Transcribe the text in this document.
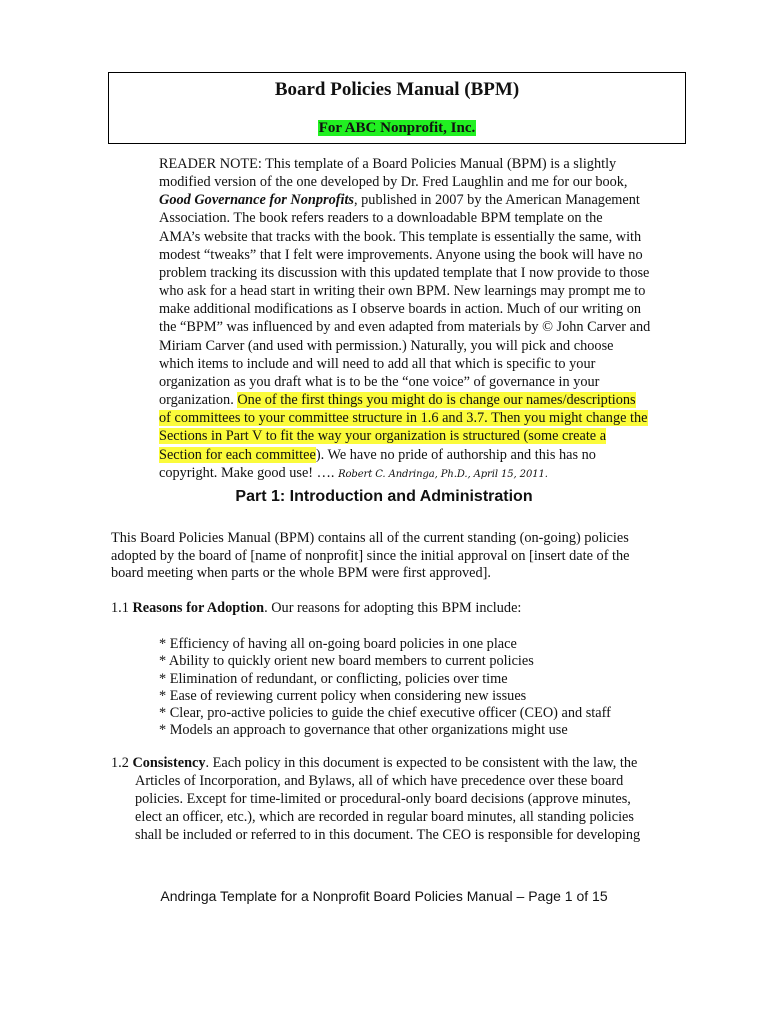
Board Policies Manual (BPM)
For ABC Nonprofit, Inc.
READER NOTE: This template of a Board Policies Manual (BPM) is a slightly
modified version of the one developed by Dr. Fred Laughlin and me for our book,
Good Governance for Nonprofits, published in 2007 by the American Management
Association. The book refers readers to a downloadable BPM template on the
AMA’s website that tracks with the book. This template is essentially the same, with
modest “tweaks” that I felt were improvements. Anyone using the book will have no
problem tracking its discussion with this updated template that I now provide to those
who ask for a head start in writing their own BPM. New learnings may prompt me to
make additional modifications as I observe boards in action. Much of our writing on
the “BPM” was influenced by and even adapted from materials by © John Carver and
Miriam Carver (and used with permission.) Naturally, you will pick and choose
which items to include and will need to add all that which is specific to your
organization as you draft what is to be the “one voice” of governance in your
organization. One of the first things you might do is change our names/descriptions
of committees to your committee structure in 1.6 and 3.7. Then you might change the
Sections in Part V to fit the way your organization is structured (some create a
Section for each committee). We have no pride of authorship and this has no
copyright. Make good use! …. Robert C. Andringa, Ph.D., April 15, 2011.
Part 1: Introduction and Administration
This Board Policies Manual (BPM) contains all of the current standing (on-going) policies
adopted by the board of [name of nonprofit] since the initial approval on [insert date of the
board meeting when parts or the whole BPM were first approved].
1.1 Reasons for Adoption. Our reasons for adopting this BPM include:
* Efficiency of having all on-going board policies in one place
* Ability to quickly orient new board members to current policies
* Elimination of redundant, or conflicting, policies over time
* Ease of reviewing current policy when considering new issues
* Clear, pro-active policies to guide the chief executive officer (CEO) and staff
* Models an approach to governance that other organizations might use
1.2 Consistency. Each policy in this document is expected to be consistent with the law, the
Articles of Incorporation, and Bylaws, all of which have precedence over these board
policies. Except for time-limited or procedural-only board decisions (approve minutes,
elect an officer, etc.), which are recorded in regular board minutes, all standing policies
shall be included or referred to in this document. The CEO is responsible for developing
Andringa Template for a Nonprofit Board Policies Manual – Page 1 of 15
